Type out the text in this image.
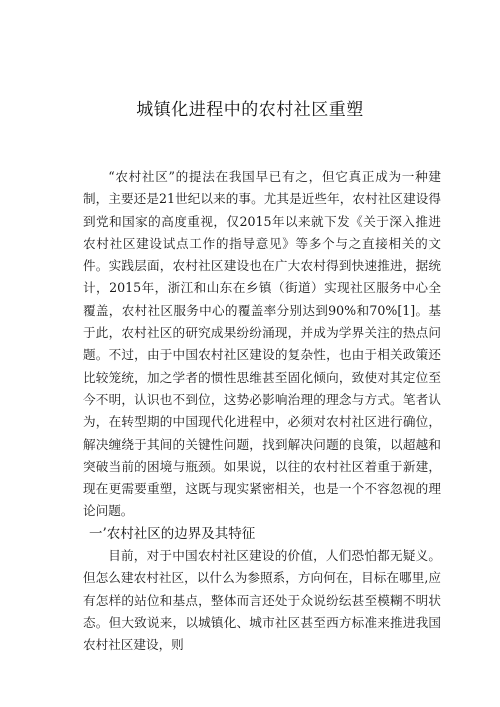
城镇化进程中的农村社区重塑

“农村社区”的提法在我国早已有之，但它真正成为一种建制，主要还是21世纪以来的事。尤其是近些年，农村社区建设得到党和国家的高度重视，仅2015年以来就下发《关于深入推进农村社区建设试点工作的指导意见》等多个与之直接相关的文件。实践层面，农村社区建设也在广大农村得到快速推进，据统计，2015年，浙江和山东在乡镇（街道）实现社区服务中心全覆盖，农村社区服务中心的覆盖率分别达到90%和70%[1]。基于此，农村社区的研究成果纷纷涌现，并成为学界关注的热点问题。不过，由于中国农村社区建设的复杂性，也由于相关政策还比较笼统，加之学者的惯性思维甚至固化倾向，致使对其定位至今不明，认识也不到位，这势必影响治理的理念与方式。笔者认为，在转型期的中国现代化进程中，必须对农村社区进行确位，解决缠绕于其间的关键性问题，找到解决问题的良策，以超越和突破当前的困境与瓶颈。如果说，以往的农村社区着重于新建，现在更需要重塑，这既与现实紧密相关，也是一个不容忽视的理论问题。

一’农村社区的边界及其特征

目前，对于中国农村社区建设的价值，人们恐怕都无疑义。但怎么建农村社区，以什么为参照系，方向何在，目标在哪里,应有怎样的站位和基点，整体而言还处于众说纷纭甚至模糊不明状态。但大致说来，以城镇化、城市社区甚至西方标准来推进我国农村社区建设，则
